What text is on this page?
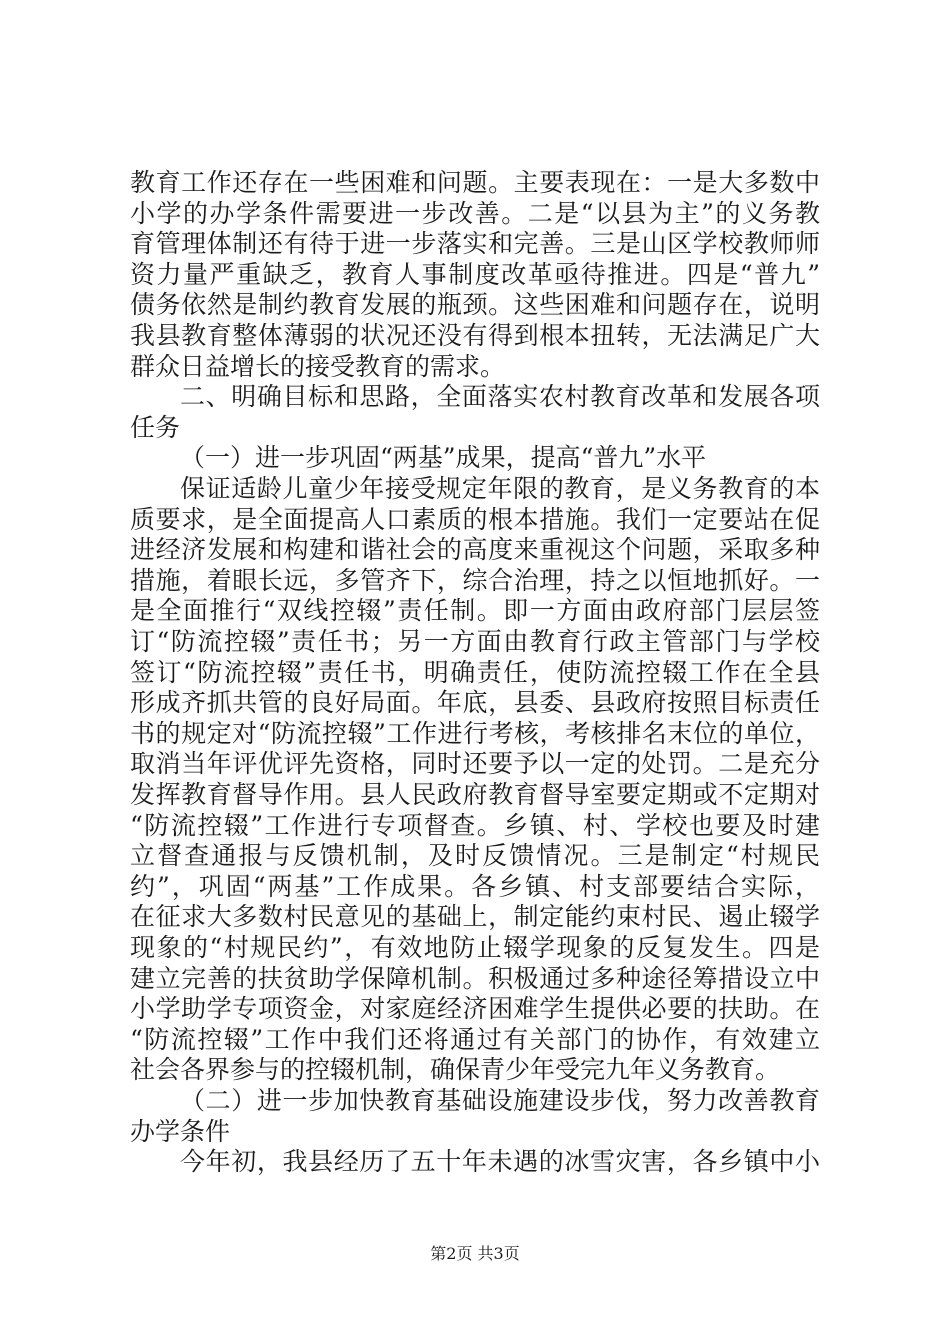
教育工作还存在一些困难和问题。主要表现在：一是大多数中
小学的办学条件需要进一步改善。二是“以县为主”的义务教
育管理体制还有待于进一步落实和完善。三是山区学校教师师
资力量严重缺乏，教育人事制度改革亟待推进。四是“普九”
债务依然是制约教育发展的瓶颈。这些困难和问题存在，说明
我县教育整体薄弱的状况还没有得到根本扭转，无法满足广大
群众日益增长的接受教育的需求。
二、明确目标和思路，全面落实农村教育改革和发展各项
任务
（一）进一步巩固“两基”成果，提高“普九”水平
保证适龄儿童少年接受规定年限的教育，是义务教育的本
质要求，是全面提高人口素质的根本措施。我们一定要站在促
进经济发展和构建和谐社会的高度来重视这个问题，采取多种
措施，着眼长远，多管齐下，综合治理，持之以恒地抓好。一
是全面推行“双线控辍”责任制。即一方面由政府部门层层签
订“防流控辍”责任书；另一方面由教育行政主管部门与学校
签订“防流控辍”责任书，明确责任，使防流控辍工作在全县
形成齐抓共管的良好局面。年底，县委、县政府按照目标责任
书的规定对“防流控辍”工作进行考核，考核排名末位的单位，
取消当年评优评先资格，同时还要予以一定的处罚。二是充分
发挥教育督导作用。县人民政府教育督导室要定期或不定期对
“防流控辍”工作进行专项督查。乡镇、村、学校也要及时建
立督查通报与反馈机制，及时反馈情况。三是制定“村规民
约”，巩固“两基”工作成果。各乡镇、村支部要结合实际，
在征求大多数村民意见的基础上，制定能约束村民、遏止辍学
现象的“村规民约”，有效地防止辍学现象的反复发生。四是
建立完善的扶贫助学保障机制。积极通过多种途径筹措设立中
小学助学专项资金，对家庭经济困难学生提供必要的扶助。在
“防流控辍”工作中我们还将通过有关部门的协作，有效建立
社会各界参与的控辍机制，确保青少年受完九年义务教育。
（二）进一步加快教育基础设施建设步伐，努力改善教育
办学条件
今年初，我县经历了五十年未遇的冰雪灾害，各乡镇中小
第2页 共3页
